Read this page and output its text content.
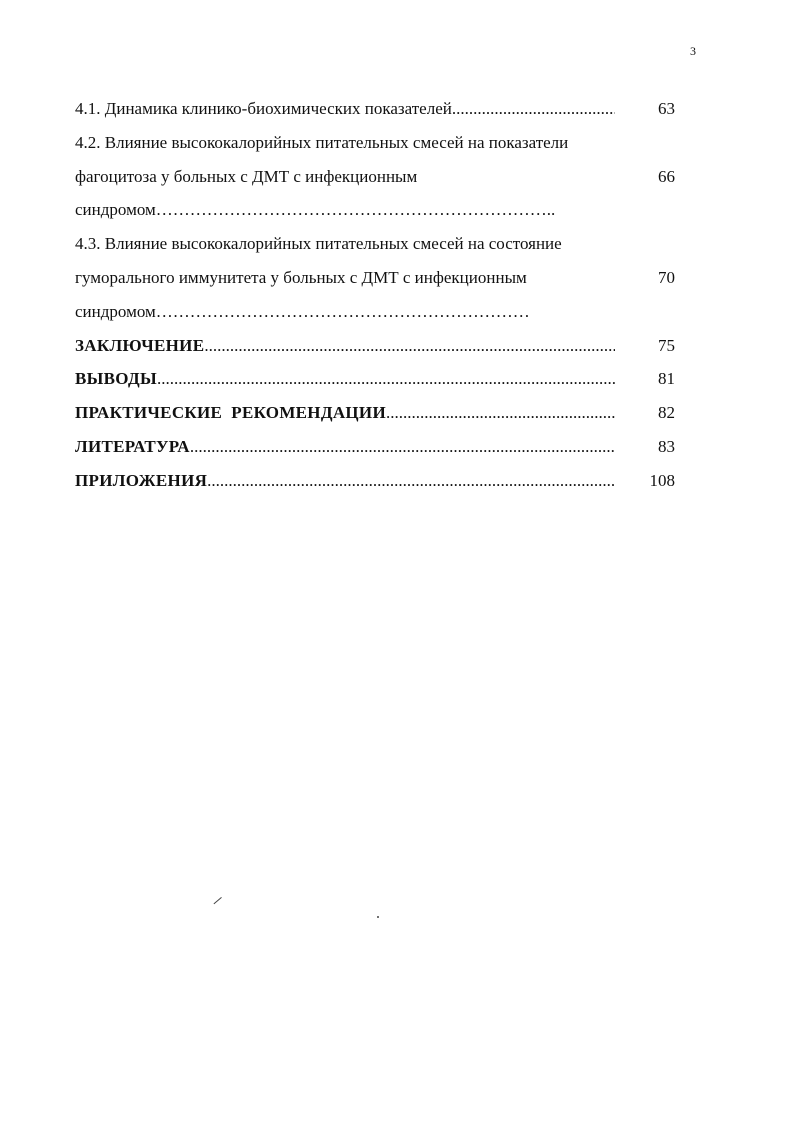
3
4.1. Динамика клинико-биохимических показателей .....	63
4.2. Влияние высококалорийных питательных смесей на показатели
фагоцитоза у больных с ДМТ с инфекционным
синдромом……………………………………………………………..
66
4.3. Влияние высококалорийных питательных смесей на состояние
гуморального иммунитета у больных с ДМТ с инфекционным
синдромом…………………………………………………………
70
ЗАКЛЮЧЕНИЕ .....	75
ВЫВОДЫ .....	81
ПРАКТИЧЕСКИЕ  РЕКОМЕНДАЦИИ .....	82
ЛИТЕРАТУРА .....	83
ПРИЛОЖЕНИЯ .....	108
